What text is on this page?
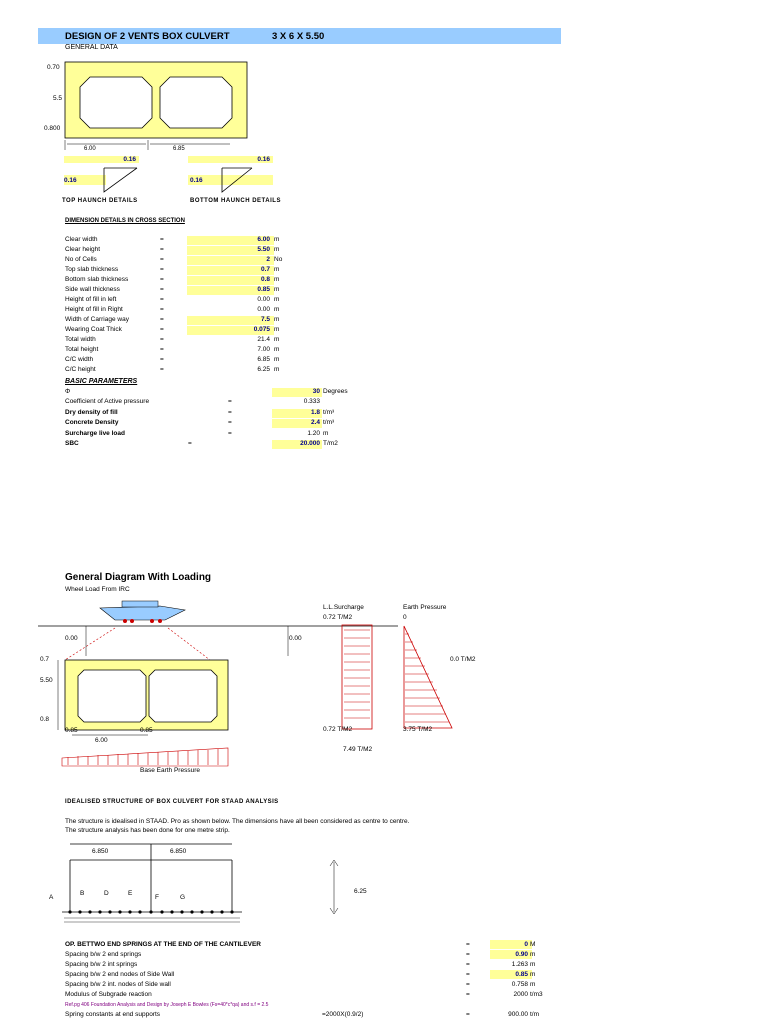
DESIGN OF 2 VENTS BOX CULVERT	3 X 6 X 5.50
GENERAL DATA
0.70
5.5
0.800
6.00	6.85
0.16
0.16
0.16
0.16
TOP HAUNCH DETAILS	BOTTOM HAUNCH DETAILS
DIMENSION DETAILS IN CROSS SECTION
Clear width	=	6.00 m
Clear height	=	5.50 m
No of Cells	=	2 No
Top slab thickness	=	0.7 m
Bottom slab thickness	=	0.8 m
Side wall thickness	=	0.85 m
Height of fill in left	=	0.00 m
Height of fill in Right	=	0.00 m
Width of Carriage way	=	7.5 m
Wearing Coat Thick	=	0.075 m
Total width	=	21.4 m
Total height	=	7.00 m
C/C width	=	6.85 m
C/C height	=	6.25 m
BASIC PARAMETERS
Φ	30 Degrees
Coefficient of Active pressure	=	0.333
Dry density of fill	=	1.8 t/m³
Concrete Density	=	2.4 t/m³
Surcharge live load	=	1.20 m
SBC	=	20.000 T/m2
General Diagram With Loading
Wheel Load From IRC
0.00	0.00
0.7
5.50
0.8
0.85	0.85
6.00
L.L.Surcharge
0.72 T/M2
0.72 T/M2
Earth Pressure
0
0.0 T/M2
3.75 T/M2
7.49 T/M2
Base Earth Pressure
IDEALISED STRUCTURE OF BOX CULVERT FOR STAAD ANALYSIS
The structure is idealised in STAAD. Pro as shown below. The dimensions have all been considered as centre to centre.
The structure analysis has been done for one metre strip.
6.850	6.850
6.25
A
B	D	E
F	G
OP. BETTWO END SPRINGS AT THE END OF THE CANTILEVER	=	0 M
Spacing b/w 2 end springs	=	0.90 m
Spacing b/w 2 int springs	=	1.263 m
Spacing b/w 2 end nodes of Side Wall	=	0.85 m
Spacing b/w 2 int. nodes of Side wall	=	0.758 m
Modulus of Subgrade reaction	=	2000 t/m3
Ref.pg 406 Foundation Analysis and Design by Joseph E Bowles (Fs=40*c*qa) and s.f = 2.5
Spring constants at end supports	=2000X(0.9/2)	=	900.00 t/m
